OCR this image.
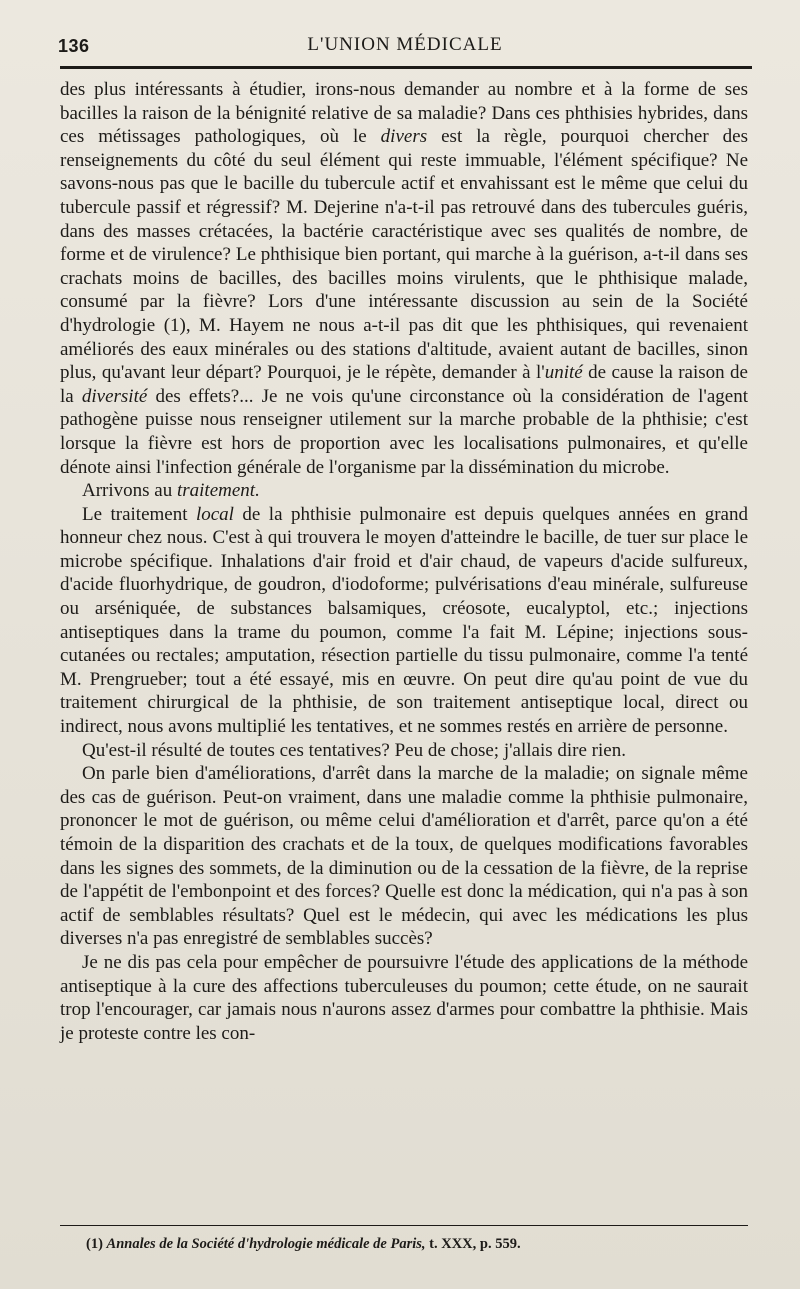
136	L'UNION MÉDICALE

des plus intéressants à étudier, irons-nous demander au nombre et à la forme de ses bacilles la raison de la bénignité relative de sa maladie? Dans ces phthisies hybrides, dans ces métissages pathologiques, où le divers est la règle, pourquoi chercher des renseignements du côté du seul élément qui reste immuable, l'élément spécifique? Ne savons-nous pas que le bacille du tubercule actif et envahissant est le même que celui du tubercule passif et régressif? M. Dejerine n'a-t-il pas retrouvé dans des tubercules guéris, dans des masses crétacées, la bactérie caractéristique avec ses qualités de nombre, de forme et de virulence? Le phthisique bien portant, qui marche à la guérison, a-t-il dans ses crachats moins de bacilles, des bacilles moins virulents, que le phthisique malade, consumé par la fièvre? Lors d'une intéressante discussion au sein de la Société d'hydrologie (1), M. Hayem ne nous a-t-il pas dit que les phthisiques, qui revenaient améliorés des eaux minérales ou des stations d'altitude, avaient autant de bacilles, sinon plus, qu'avant leur départ? Pourquoi, je le répète, demander à l'unité de cause la raison de la diversité des effets?... Je ne vois qu'une circonstance où la considération de l'agent pathogène puisse nous renseigner utilement sur la marche probable de la phthisie; c'est lorsque la fièvre est hors de proportion avec les localisations pulmonaires, et qu'elle dénote ainsi l'infection générale de l'organisme par la dissémination du microbe.

Arrivons au traitement.

Le traitement local de la phthisie pulmonaire est depuis quelques années en grand honneur chez nous. C'est à qui trouvera le moyen d'atteindre le bacille, de tuer sur place le microbe spécifique. Inhalations d'air froid et d'air chaud, de vapeurs d'acide sulfureux, d'acide fluorhydrique, de goudron, d'iodoforme; pulvérisations d'eau minérale, sulfureuse ou arséniquée, de substances balsamiques, créosote, eucalyptol, etc.; injections antiseptiques dans la trame du poumon, comme l'a fait M. Lépine; injections sous-cutanées ou rectales; amputation, résection partielle du tissu pulmonaire, comme l'a tenté M. Prengrueber; tout a été essayé, mis en œuvre. On peut dire qu'au point de vue du traitement chirurgical de la phthisie, de son traitement antiseptique local, direct ou indirect, nous avons multiplié les tentatives, et ne sommes restés en arrière de personne.

Qu'est-il résulté de toutes ces tentatives? Peu de chose; j'allais dire rien.

On parle bien d'améliorations, d'arrêt dans la marche de la maladie; on signale même des cas de guérison. Peut-on vraiment, dans une maladie comme la phthisie pulmonaire, prononcer le mot de guérison, ou même celui d'amélioration et d'arrêt, parce qu'on a été témoin de la disparition des crachats et de la toux, de quelques modifications favorables dans les signes des sommets, de la diminution ou de la cessation de la fièvre, de la reprise de l'appétit de l'embonpoint et des forces? Quelle est donc la médication, qui n'a pas à son actif de semblables résultats? Quel est le médecin, qui avec les médications les plus diverses n'a pas enregistré de semblables succès?

Je ne dis pas cela pour empêcher de poursuivre l'étude des applications de la méthode antiseptique à la cure des affections tuberculeuses du poumon; cette étude, on ne saurait trop l'encourager, car jamais nous n'aurons assez d'armes pour combattre la phthisie. Mais je proteste contre les con-

(1) Annales de la Société d'hydrologie médicale de Paris, t. XXX, p. 559.
